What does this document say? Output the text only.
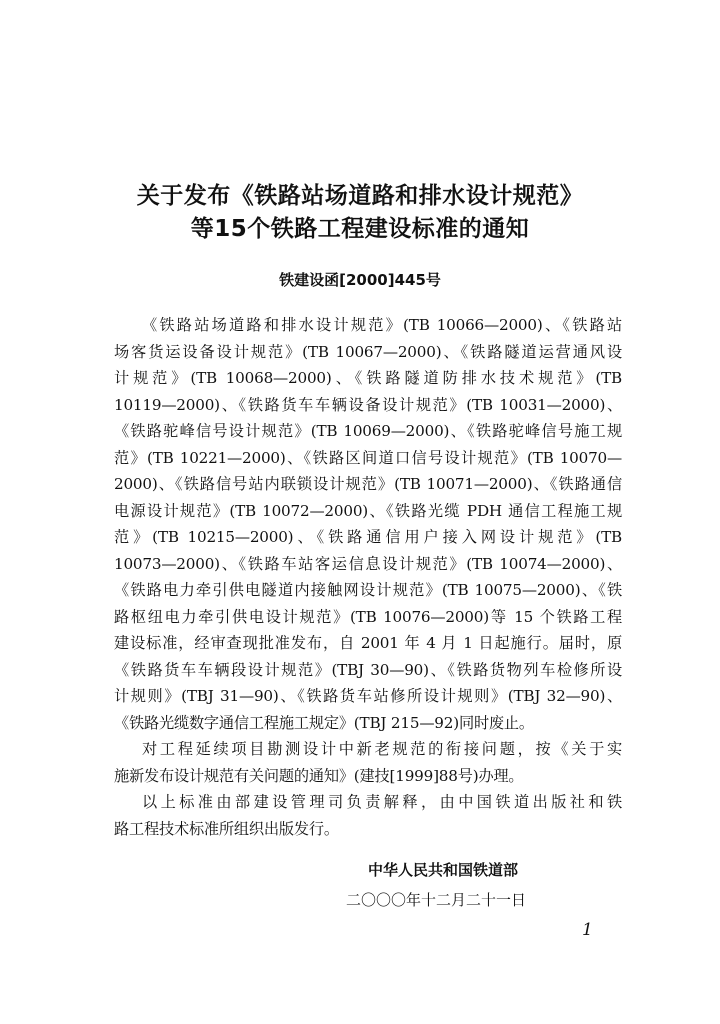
关于发布《铁路站场道路和排水设计规范》
等15个铁路工程建设标准的通知
铁建设函[2000]445号
《铁路站场道路和排水设计规范》(TB 10066—2000)、《铁路站
场客货运设备设计规范》(TB 10067—2000)、《铁路隧道运营通风设
计规范》(TB 10068—2000)、《铁路隧道防排水技术规范》(TB
10119—2000)、《铁路货车车辆设备设计规范》(TB 10031—2000)、
《铁路驼峰信号设计规范》(TB 10069—2000)、《铁路驼峰信号施工规
范》(TB 10221—2000)、《铁路区间道口信号设计规范》(TB 10070—
2000)、《铁路信号站内联锁设计规范》(TB 10071—2000)、《铁路通信
电源设计规范》(TB 10072—2000)、《铁路光缆 PDH 通信工程施工规
范》(TB 10215—2000)、《铁路通信用户接入网设计规范》(TB
10073—2000)、《铁路车站客运信息设计规范》(TB 10074—2000)、
《铁路电力牵引供电隧道内接触网设计规范》(TB 10075—2000)、《铁
路枢纽电力牵引供电设计规范》(TB 10076—2000)等 15 个铁路工程
建设标准，经审查现批准发布，自 2001 年 4 月 1 日起施行。届时，原
《铁路货车车辆段设计规范》(TBJ 30—90)、《铁路货物列车检修所设
计规则》(TBJ 31—90)、《铁路货车站修所设计规则》(TBJ 32—90)、
《铁路光缆数字通信工程施工规定》(TBJ 215—92)同时废止。
对工程延续项目勘测设计中新老规范的衔接问题，按《关于实
施新发布设计规范有关问题的通知》(建技[1999]88号)办理。
以上标准由部建设管理司负责解释，由中国铁道出版社和铁
路工程技术标准所组织出版发行。
中华人民共和国铁道部
二〇〇〇年十二月二十一日
1
